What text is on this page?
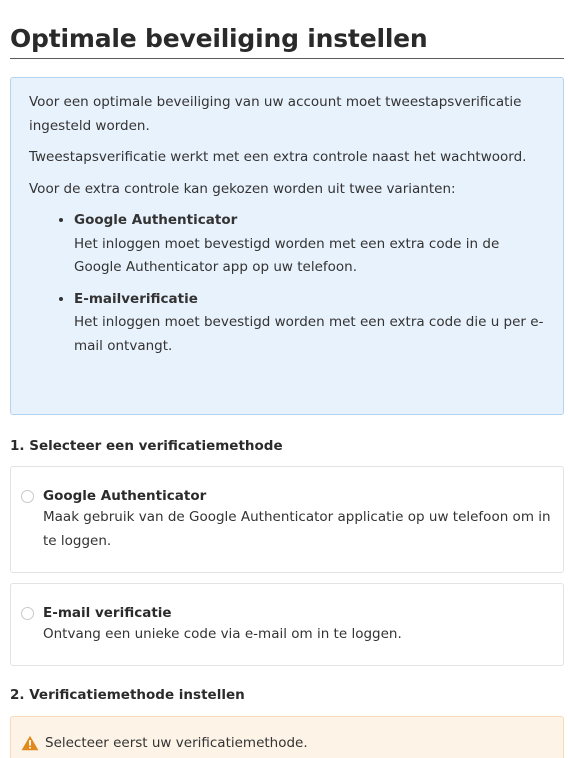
Optimale beveiliging instellen

Voor een optimale beveiliging van uw account moet tweestapsverificatie ingesteld worden.

Tweestapsverificatie werkt met een extra controle naast het wachtwoord.

Voor de extra controle kan gekozen worden uit twee varianten:

• Google Authenticator
Het inloggen moet bevestigd worden met een extra code in de Google Authenticator app op uw telefoon.
• E-mailverificatie
Het inloggen moet bevestigd worden met een extra code die u per e-mail ontvangt.
1. Selecteer een verificatiemethode
Google Authenticator
Maak gebruik van de Google Authenticator applicatie op uw telefoon om in te loggen.
E-mail verificatie
Ontvang een unieke code via e-mail om in te loggen.
2. Verificatiemethode instellen
Selecteer eerst uw verificatiemethode.
